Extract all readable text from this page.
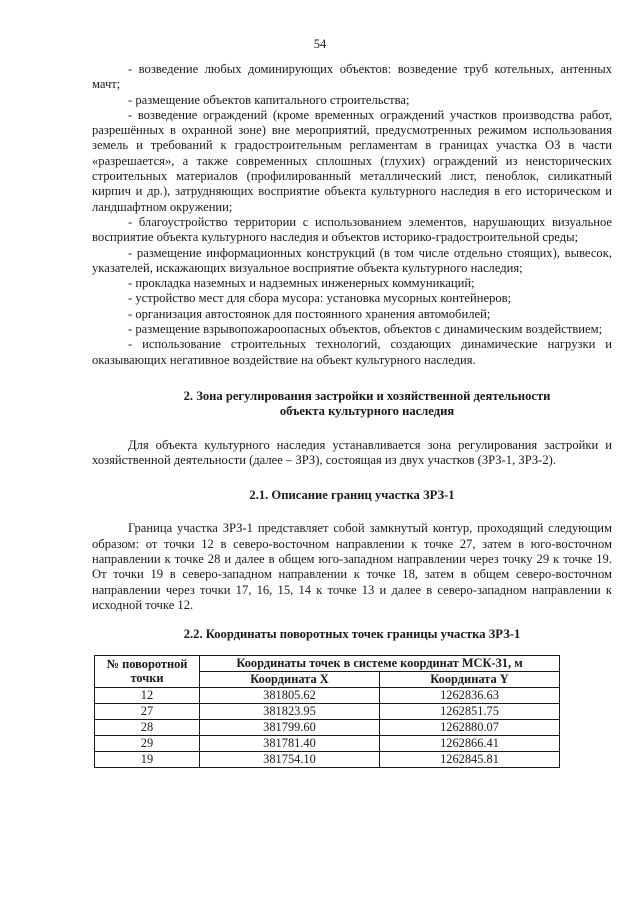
54

- возведение любых доминирующих объектов: возведение труб котельных, антенных мачт;

- размещение объектов капитального строительства;

- возведение ограждений (кроме временных ограждений участков производства работ, разрешённых в охранной зоне) вне мероприятий, предусмотренных режимом использования земель и требований к градостроительным регламентам в границах участка ОЗ в части «разрешается», а также современных сплошных (глухих) ограждений из неисторических строительных материалов (профилированный металлический лист, пеноблок, силикатный кирпич и др.), затрудняющих восприятие объекта культурного наследия в его историческом и ландшафтном окружении;

- благоустройство территории с использованием элементов, нарушающих визуальное восприятие объекта культурного наследия и объектов историко-градостроительной среды;

- размещение информационных конструкций (в том числе отдельно стоящих), вывесок, указателей, искажающих визуальное восприятие объекта культурного наследия;

- прокладка наземных и надземных инженерных коммуникаций;

- устройство мест для сбора мусора: установка мусорных контейнеров;

- организация автостоянок для постоянного хранения автомобилей;

- размещение взрывопожароопасных объектов, объектов с динамическим воздействием;

- использование строительных технологий, создающих динамические нагрузки и оказывающих негативное воздействие на объект культурного наследия.

2. Зона регулирования застройки и хозяйственной деятельности
объекта культурного наследия

Для объекта культурного наследия устанавливается зона регулирования застройки и хозяйственной деятельности (далее – ЗРЗ), состоящая из двух участков (ЗРЗ-1, ЗРЗ-2).

2.1. Описание границ участка ЗРЗ-1

Граница участка ЗРЗ-1 представляет собой замкнутый контур, проходящий следующим образом: от точки 12 в северо-восточном направлении к точке 27, затем в юго-восточном направлении к точке 28 и далее в общем юго-западном направлении через точку 29 к точке 19. От точки 19 в северо-западном направлении к точке 18, затем в общем северо-восточном направлении через точки 17, 16, 15, 14 к точке 13 и далее в северо-западном направлении к исходной точке 12.

2.2. Координаты поворотных точек границы участка ЗРЗ-1
№ поворотной точки	Координаты точек в системе координат МСК-31, м	
	Координата X	Координата Y
12	381805.62	1262836.63
27	381823.95	1262851.75
28	381799.60	1262880.07
29	381781.40	1262866.41
19	381754.10	1262845.81
